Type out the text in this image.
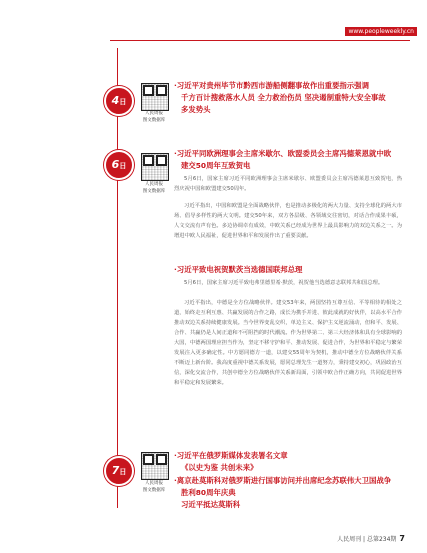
www.peopleweekly.cn
4日
人民周报
图文数据库
·习近平对贵州毕节市黔西市游船侧翻事故作出重要指示强调
千方百计搜救落水人员 全力救治伤员 坚决遏制重特大安全事故
多发势头
6日
人民周报
图文数据库
·习近平同欧洲理事会主席米歇尔、欧盟委员会主席冯德莱恩就中欧
建交50周年互致贺电

5月6日，国家主席习近平同欧洲理事会主席米歇尔、欧盟委员会主席冯德莱恩互致贺电，热烈庆祝中国和欧盟建交50周年。

习近平指出，中国和欧盟是全面战略伙伴，也是推动多极化的两大力量、支持全球化的两大市场、倡导多样性的两大文明。建交50年来，双方各层级、各领域交往密切，对话合作成果丰硕，人文交流有声有色。多边协调卓有成效，中欧关系已经成为世界上最具影响力的双边关系之一。为增进中欧人民福祉，促进世界和平和发展作出了重要贡献。

·习近平致电祝贺默茨当选德国联邦总理

5月6日，国家主席习近平致电弗里德里希·默茨，祝贺他当选德意志联邦共和国总理。

习近平指出，中德是全方位战略伙伴。建交53年来，两国坚持互尊互信、平等相待的相处之道，始终走互利互惠、共赢发展的合作之路，成长为携手并进、彼此成就的好伙伴，以高水平合作推动双边关系持续健康发展。当今世界变乱交织，单边主义、保护主义逆流涌动，但和平、发展、合作、共赢仍是人间正道和不可阻挡的时代潮流。作为世界第二、第三大经济体和具有全球影响的大国，中德两国理应担当作为，坚定不移守护和平、推动发展、促进合作，为世界和平稳定与繁荣发展注入更多确定性。中方愿同德方一道，以建交55周年为契机，推动中德全方位战略伙伴关系不断迈上新台阶。我高度重视中德关系发展，愿同总理先生一道努力，秉持建交初心，巩固政治互信，深化交流合作，共创中德全方位战略伙伴关系新局面，引领中欧合作正确方向，共同促进世界和平稳定和发展繁荣。

7日
人民周报
图文数据库
·习近平在俄罗斯媒体发表署名文章
《以史为鉴 共创未来》
·离京赴莫斯科对俄罗斯进行国事访问并出席纪念苏联伟大卫国战争
胜利80周年庆典
习近平抵达莫斯科
人民周刊 | 总第234期 7
